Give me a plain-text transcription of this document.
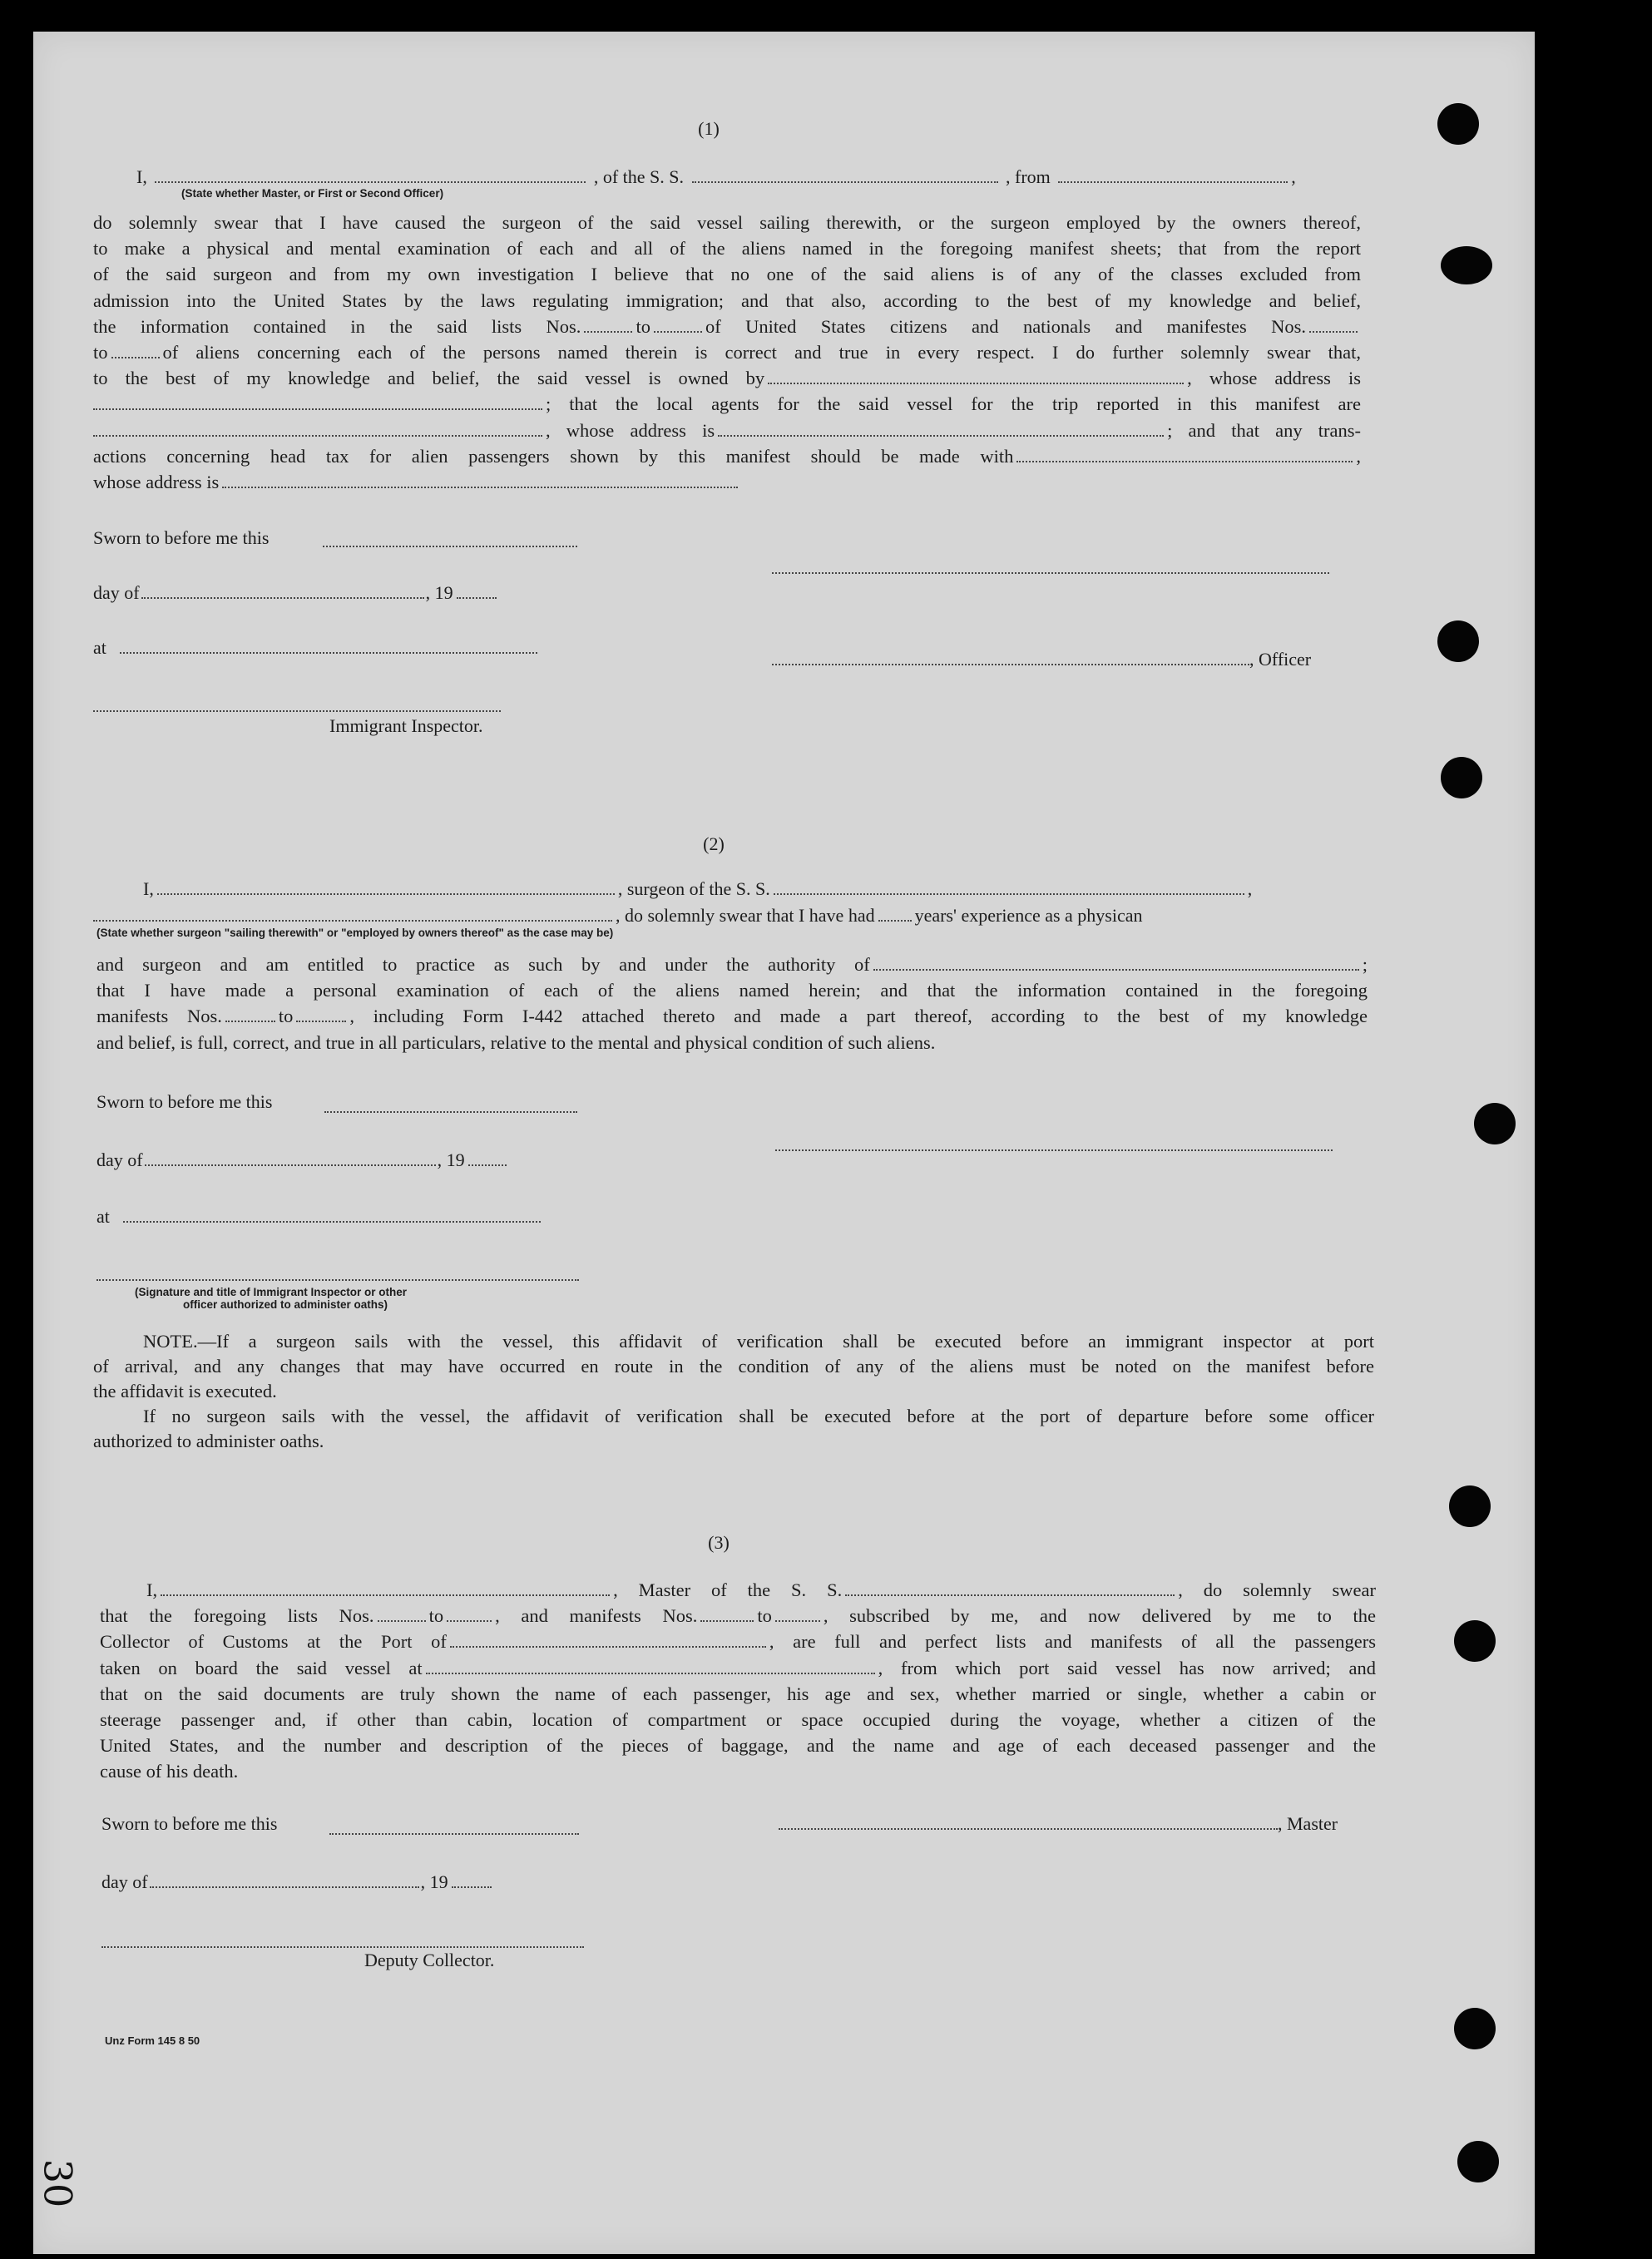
(1)
I,	, of the S. S.	, from	,
(State whether Master, or First or Second Officer)
do solemnly swear that I have caused the surgeon of the said vessel sailing therewith, or the surgeon employed by the owners thereof,
to make a physical and mental examination of each and all of the aliens named in the foregoing manifest sheets; that from the report
of the said surgeon and from my own investigation I believe that no one of the said aliens is of any of the classes excluded from
admission into the United States by the laws regulating immigration; and that also, according to the best of my knowledge and belief,
the information contained in the said lists Nos.	to	of United States citizens and nationals and manifestes Nos.
to	of aliens concerning each of the persons named therein is correct and true in every respect. I do further solemnly swear that,
to the best of my knowledge and belief, the said vessel is owned by	, whose address is
; that the local agents for the said vessel for the trip reported in this manifest are
, whose address is	; and that any trans-
actions concerning head tax for alien passengers shown by this manifest should be made with	,
whose address is
Sworn to before me this
day of	, 19
at
, Officer
Immigrant Inspector.
(2)
I,	, surgeon of the S. S.	,
, do solemnly swear that I have had years' experience as a physican
(State whether surgeon "sailing therewith" or "employed by owners thereof" as the case may be)
and surgeon and am entitled to practice as such by and under the authority of	;
that I have made a personal examination of each of the aliens named herein; and that the information contained in the foregoing
manifests Nos.	to	, including Form I-442 attached thereto and made a part thereof, according to the best of my knowledge
and belief, is full, correct, and true in all particulars, relative to the mental and physical condition of such aliens.
Sworn to before me this
day of	, 19
at
(Signature and title of Immigrant Inspector or other
officer authorized to administer oaths)
NOTE.—If a surgeon sails with the vessel, this affidavit of verification shall be executed before an immigrant inspector at port
of arrival, and any changes that may have occurred en route in the condition of any of the aliens must be noted on the manifest before
the affidavit is executed.
If no surgeon sails with the vessel, the affidavit of verification shall be executed before at the port of departure before some officer
authorized to administer oaths.
(3)
I,	, Master of the S. S.	, do solemnly swear
that the foregoing lists Nos.	to	, and manifests Nos.	to	, subscribed by me, and now delivered by me to the
Collector of Customs at the Port of	, are full and perfect lists and manifests of all the passengers
taken on board the said vessel at	, from which port said vessel has now arrived; and
that on the said documents are truly shown the name of each passenger, his age and sex, whether married or single, whether a cabin or
steerage passenger and, if other than cabin, location of compartment or space occupied during the voyage, whether a citizen of the
United States, and the number and description of the pieces of baggage, and the name and age of each deceased passenger and the
cause of his death.
Sworn to before me this	, Master
day of	, 19
Deputy Collector.
Unz Form 145 8 50
30
